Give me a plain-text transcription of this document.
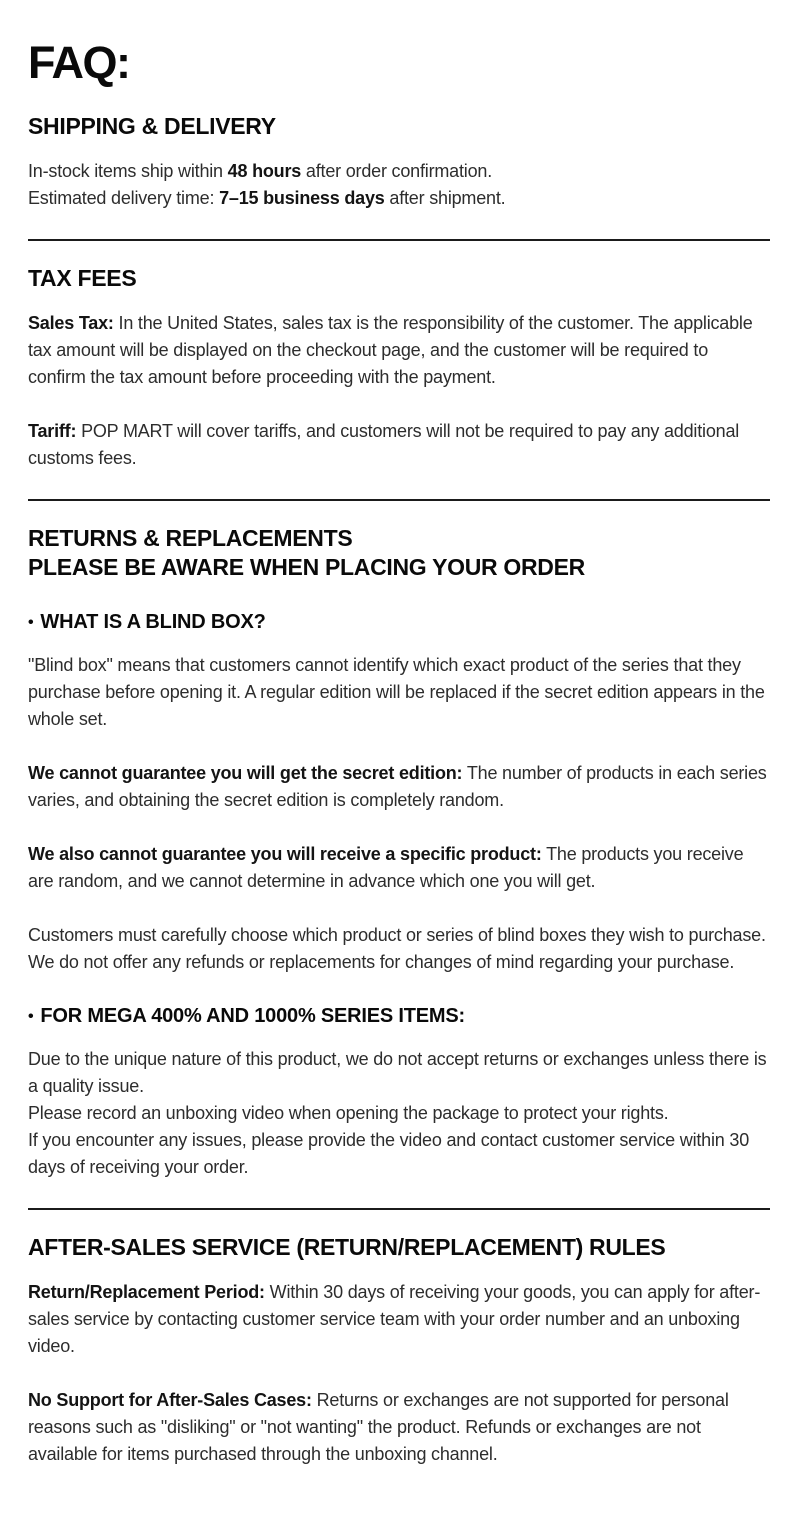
FAQ:
SHIPPING & DELIVERY

In-stock items ship within 48 hours after order confirmation.
Estimated delivery time: 7–15 business days after shipment.

TAX FEES

Sales Tax: In the United States, sales tax is the responsibility of the customer. The applicable tax amount will be displayed on the checkout page, and the customer will be required to confirm the tax amount before proceeding with the payment.

Tariff: POP MART will cover tariffs, and customers will not be required to pay any additional customs fees.

RETURNS & REPLACEMENTS
PLEASE BE AWARE WHEN PLACING YOUR ORDER
• WHAT IS A BLIND BOX?

"Blind box" means that customers cannot identify which exact product of the series that they purchase before opening it. A regular edition will be replaced if the secret edition appears in the whole set.

We cannot guarantee you will get the secret edition: The number of products in each series varies, and obtaining the secret edition is completely random.

We also cannot guarantee you will receive a specific product: The products you receive are random, and we cannot determine in advance which one you will get.

Customers must carefully choose which product or series of blind boxes they wish to purchase. We do not offer any refunds or replacements for changes of mind regarding your purchase.

• FOR MEGA 400% AND 1000% SERIES ITEMS:

Due to the unique nature of this product, we do not accept returns or exchanges unless there is a quality issue.
Please record an unboxing video when opening the package to protect your rights.
If you encounter any issues, please provide the video and contact customer service within 30 days of receiving your order.

AFTER-SALES SERVICE (RETURN/REPLACEMENT) RULES

Return/Replacement Period: Within 30 days of receiving your goods, you can apply for after-sales service by contacting customer service team with your order number and an unboxing video.

No Support for After-Sales Cases: Returns or exchanges are not supported for personal reasons such as "disliking" or "not wanting" the product. Refunds or exchanges are not available for items purchased through the unboxing channel.
